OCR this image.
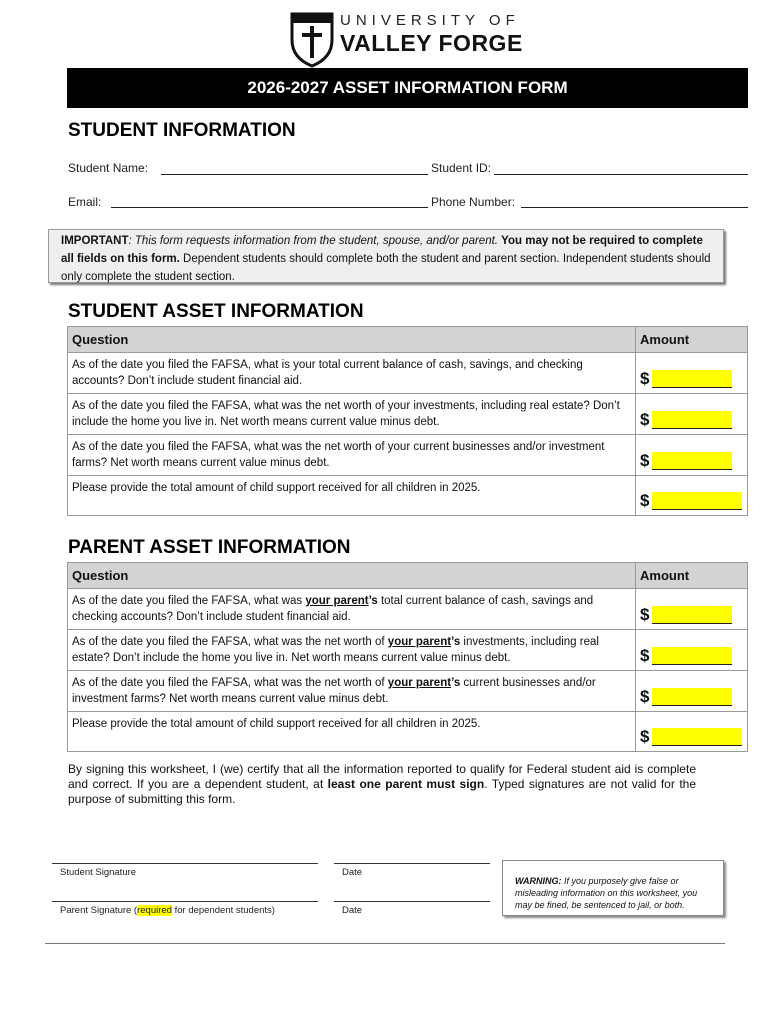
UNIVERSITY OF
VALLEY FORGE
2026-2027 ASSET INFORMATION FORM
STUDENT INFORMATION
Student Name:	Student ID:
Email:	Phone Number:
IMPORTANT: This form requests information from the student, spouse, and/or parent. You may not be required to complete all fields on this form. Dependent students should complete both the student and parent section. Independent students should only complete the student section.
STUDENT ASSET INFORMATION
Question	Amount
As of the date you filed the FAFSA, what is your total current balance of cash, savings, and checking accounts? Don’t include student financial aid.	$

As of the date you filed the FAFSA, what was the net worth of your investments, including real estate? Don’t include the home you live in. Net worth means current value minus debt.	$

As of the date you filed the FAFSA, what was the net worth of your current businesses and/or investment farms? Net worth means current value minus debt.	$

Please provide the total amount of child support received for all children in 2025.	$
PARENT ASSET INFORMATION
Question	Amount
As of the date you filed the FAFSA, what was your parent’s total current balance of cash, savings and checking accounts? Don’t include student financial aid.	$

As of the date you filed the FAFSA, what was the net worth of your parent’s investments, including real estate? Don’t include the home you live in. Net worth means current value minus debt.	$

As of the date you filed the FAFSA, what was the net worth of your parent’s current businesses and/or investment farms? Net worth means current value minus debt.	$

Please provide the total amount of child support received for all children in 2025.	$
By signing this worksheet, I (we) certify that all the information reported to qualify for Federal student aid is complete and correct. If you are a dependent student, at least one parent must sign. Typed signatures are not valid for the purpose of submitting this form.
Student Signature	Date
Parent Signature (required for dependent students)	Date
WARNING: If you purposely give false or misleading information on this worksheet, you may be fined, be sentenced to jail, or both.
